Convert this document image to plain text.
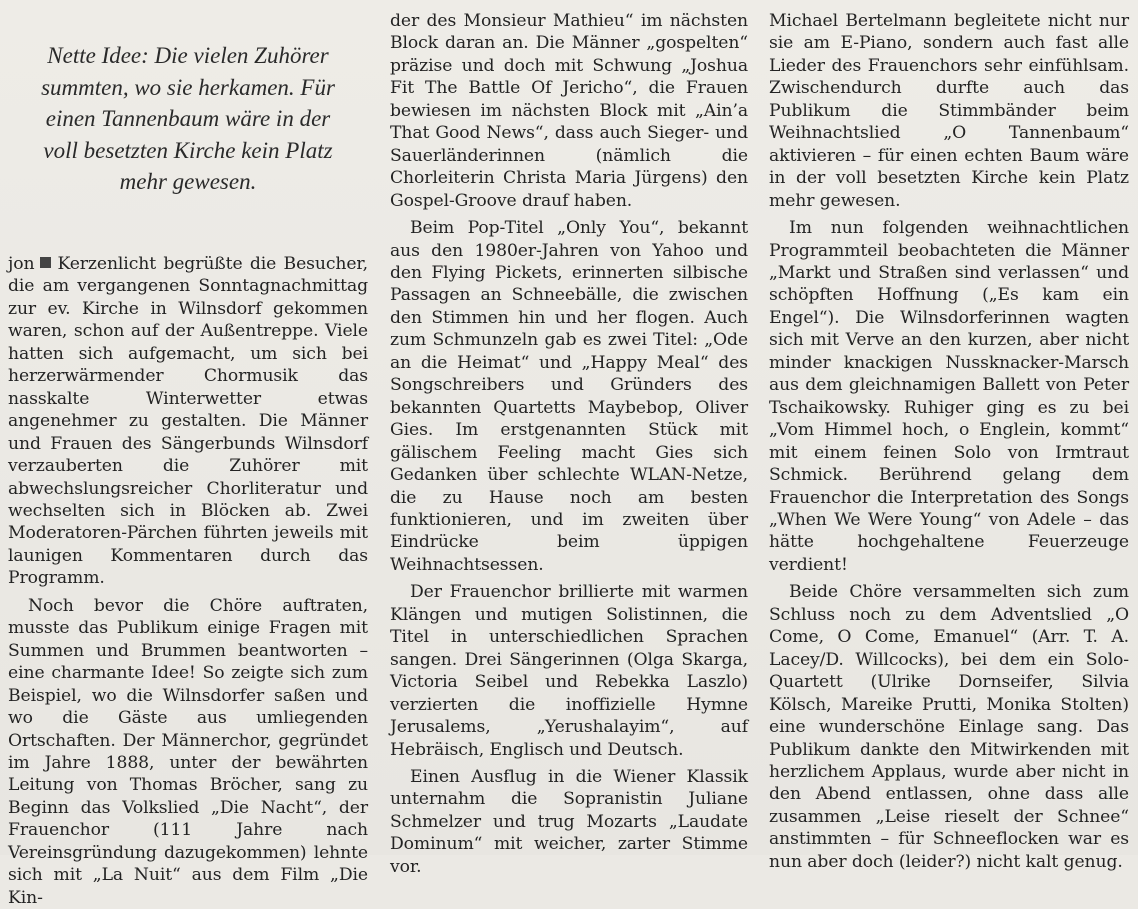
Nette Idee: Die vielen Zuhörer summten, wo sie herkamen. Für einen Tannenbaum wäre in der voll besetzten Kirche kein Platz mehr gewesen.

jon Kerzenlicht begrüßte die Besucher, die am vergangenen Sonntagnachmittag zur ev. Kirche in Wilnsdorf gekommen waren, schon auf der Außentreppe. Viele hatten sich aufgemacht, um sich bei herzerwärmender Chormusik das nasskalte Winterwetter etwas angenehmer zu gestalten. Die Männer und Frauen des Sängerbunds Wilnsdorf verzauberten die Zuhörer mit abwechslungsreicher Chorliteratur und wechselten sich in Blöcken ab. Zwei Moderatoren-Pärchen führten jeweils mit launigen Kommentaren durch das Programm.

Noch bevor die Chöre auftraten, musste das Publikum einige Fragen mit Summen und Brummen beantworten – eine charmante Idee! So zeigte sich zum Beispiel, wo die Wilnsdorfer saßen und wo die Gäste aus umliegenden Ortschaften. Der Männerchor, gegründet im Jahre 1888, unter der bewährten Leitung von Thomas Bröcher, sang zu Beginn das Volkslied „Die Nacht“, der Frauenchor (111 Jahre nach Vereinsgründung dazugekommen) lehnte sich mit „La Nuit“ aus dem Film „Die Kin-

der des Monsieur Mathieu“ im nächsten Block daran an. Die Männer „gospelten“ präzise und doch mit Schwung „Joshua Fit The Battle Of Jericho“, die Frauen bewiesen im nächsten Block mit „Ain’a That Good News“, dass auch Sieger- und Sauerländerinnen (nämlich die Chorleiterin Christa Maria Jürgens) den Gospel-Groove drauf haben.

Beim Pop-Titel „Only You“, bekannt aus den 1980er-Jahren von Yahoo und den Flying Pickets, erinnerten silbische Passagen an Schneebälle, die zwischen den Stimmen hin und her flogen. Auch zum Schmunzeln gab es zwei Titel: „Ode an die Heimat“ und „Happy Meal“ des Songschreibers und Gründers des bekannten Quartetts Maybebop, Oliver Gies. Im erstgenannten Stück mit gälischem Feeling macht Gies sich Gedanken über schlechte WLAN-Netze, die zu Hause noch am besten funktionieren, und im zweiten über Eindrücke beim üppigen Weihnachtsessen.

Der Frauenchor brillierte mit warmen Klängen und mutigen Solistinnen, die Titel in unterschiedlichen Sprachen sangen. Drei Sängerinnen (Olga Skarga, Victoria Seibel und Rebekka Laszlo) verzierten die inoffizielle Hymne Jerusalems, „Yerushalayim“, auf Hebräisch, Englisch und Deutsch.

Einen Ausflug in die Wiener Klassik unternahm die Sopranistin Juliane Schmelzer und trug Mozarts „Laudate Dominum“ mit weicher, zarter Stimme vor.

Michael Bertelmann begleitete nicht nur sie am E-Piano, sondern auch fast alle Lieder des Frauenchors sehr einfühlsam. Zwischendurch durfte auch das Publikum die Stimmbänder beim Weihnachtslied „O Tannenbaum“ aktivieren – für einen echten Baum wäre in der voll besetzten Kirche kein Platz mehr gewesen.

Im nun folgenden weihnachtlichen Programmteil beobachteten die Männer „Markt und Straßen sind verlassen“ und schöpften Hoffnung („Es kam ein Engel“). Die Wilnsdorferinnen wagten sich mit Verve an den kurzen, aber nicht minder knackigen Nussknacker-Marsch aus dem gleichnamigen Ballett von Peter Tschaikowsky. Ruhiger ging es zu bei „Vom Himmel hoch, o Englein, kommt“ mit einem feinen Solo von Irmtraut Schmick. Berührend gelang dem Frauenchor die Interpretation des Songs „When We Were Young“ von Adele – das hätte hochgehaltene Feuerzeuge verdient!

Beide Chöre versammelten sich zum Schluss noch zu dem Adventslied „O Come, O Come, Emanuel“ (Arr. T. A. Lacey/D. Willcocks), bei dem ein Solo-Quartett (Ulrike Dornseifer, Silvia Kölsch, Mareike Prutti, Monika Stolten) eine wunderschöne Einlage sang. Das Publikum dankte den Mitwirkenden mit herzlichem Applaus, wurde aber nicht in den Abend entlassen, ohne dass alle zusammen „Leise rieselt der Schnee“ anstimmten – für Schneeflocken war es nun aber doch (leider?) nicht kalt genug.
